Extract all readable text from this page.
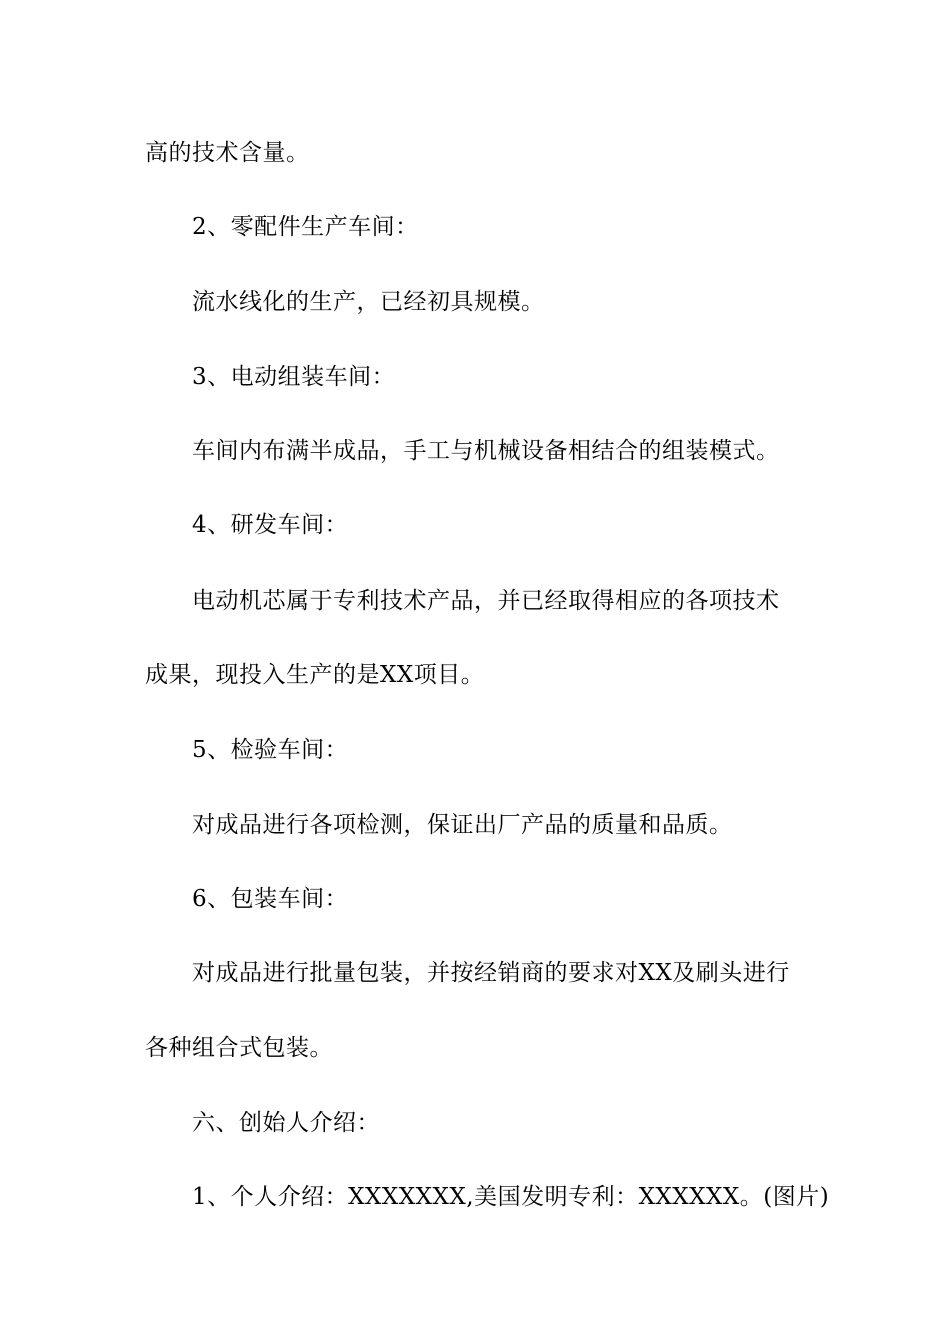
高的技术含量。
2、零配件生产车间：
流水线化的生产，已经初具规模。
3、电动组装车间：
车间内布满半成品，手工与机械设备相结合的组装模式。
4、研发车间：
电动机芯属于专利技术产品，并已经取得相应的各项技术
成果，现投入生产的是XX项目。
5、检验车间：
对成品进行各项检测，保证出厂产品的质量和品质。
6、包装车间：
对成品进行批量包装，并按经销商的要求对XX及刷头进行
各种组合式包装。
六、创始人介绍：
1、个人介绍：XXXXXXX,美国发明专利：XXXXXX。(图片)
